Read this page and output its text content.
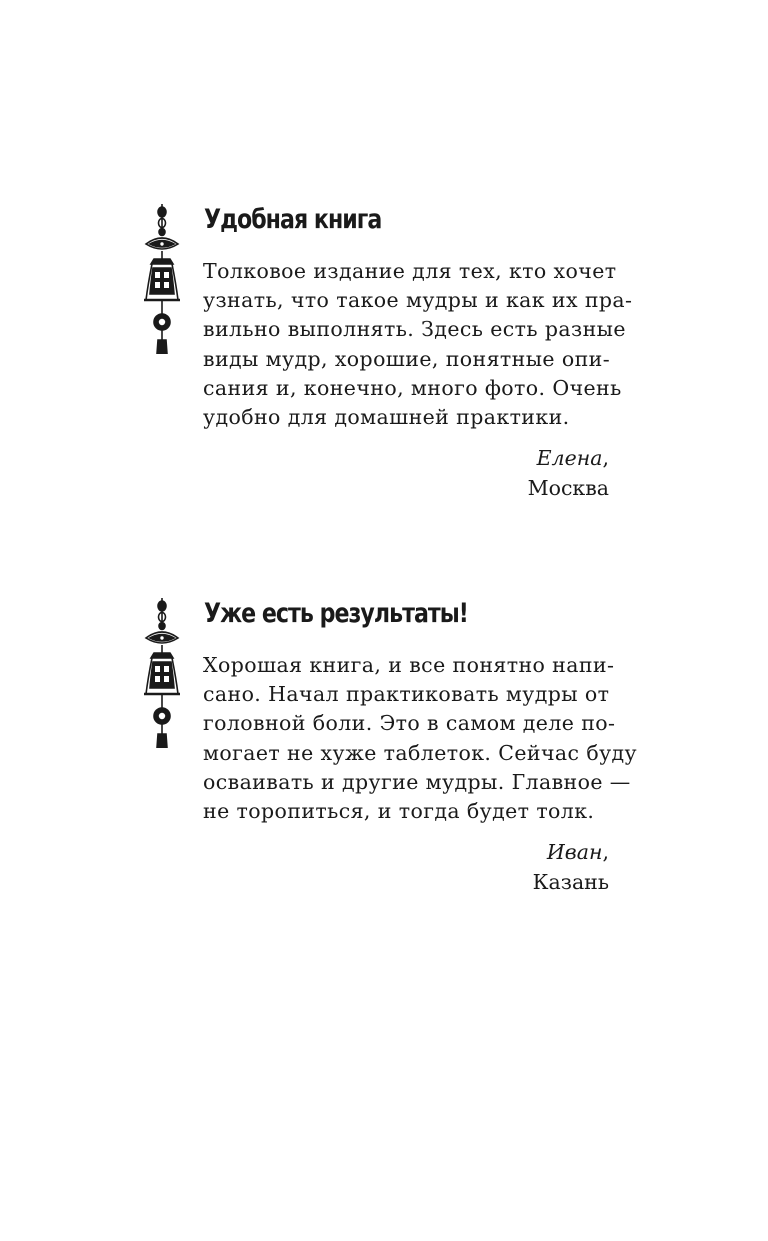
Удобная книга

Толковое издание для тех, кто хочет
узнать, что такое мудры и как их пра-
вильно выполнять. Здесь есть разные
виды мудр, хорошие, понятные опи-
сания и, конечно, много фото. Очень
удобно для домашней практики.

Елена,
Москва
Уже есть результаты!

Хорошая книга, и все понятно напи-
сано. Начал практиковать мудры от
головной боли. Это в самом деле по-
могает не хуже таблеток. Сейчас буду
осваивать и другие мудры. Главное —
не торопиться, и тогда будет толк.

Иван,
Казань
